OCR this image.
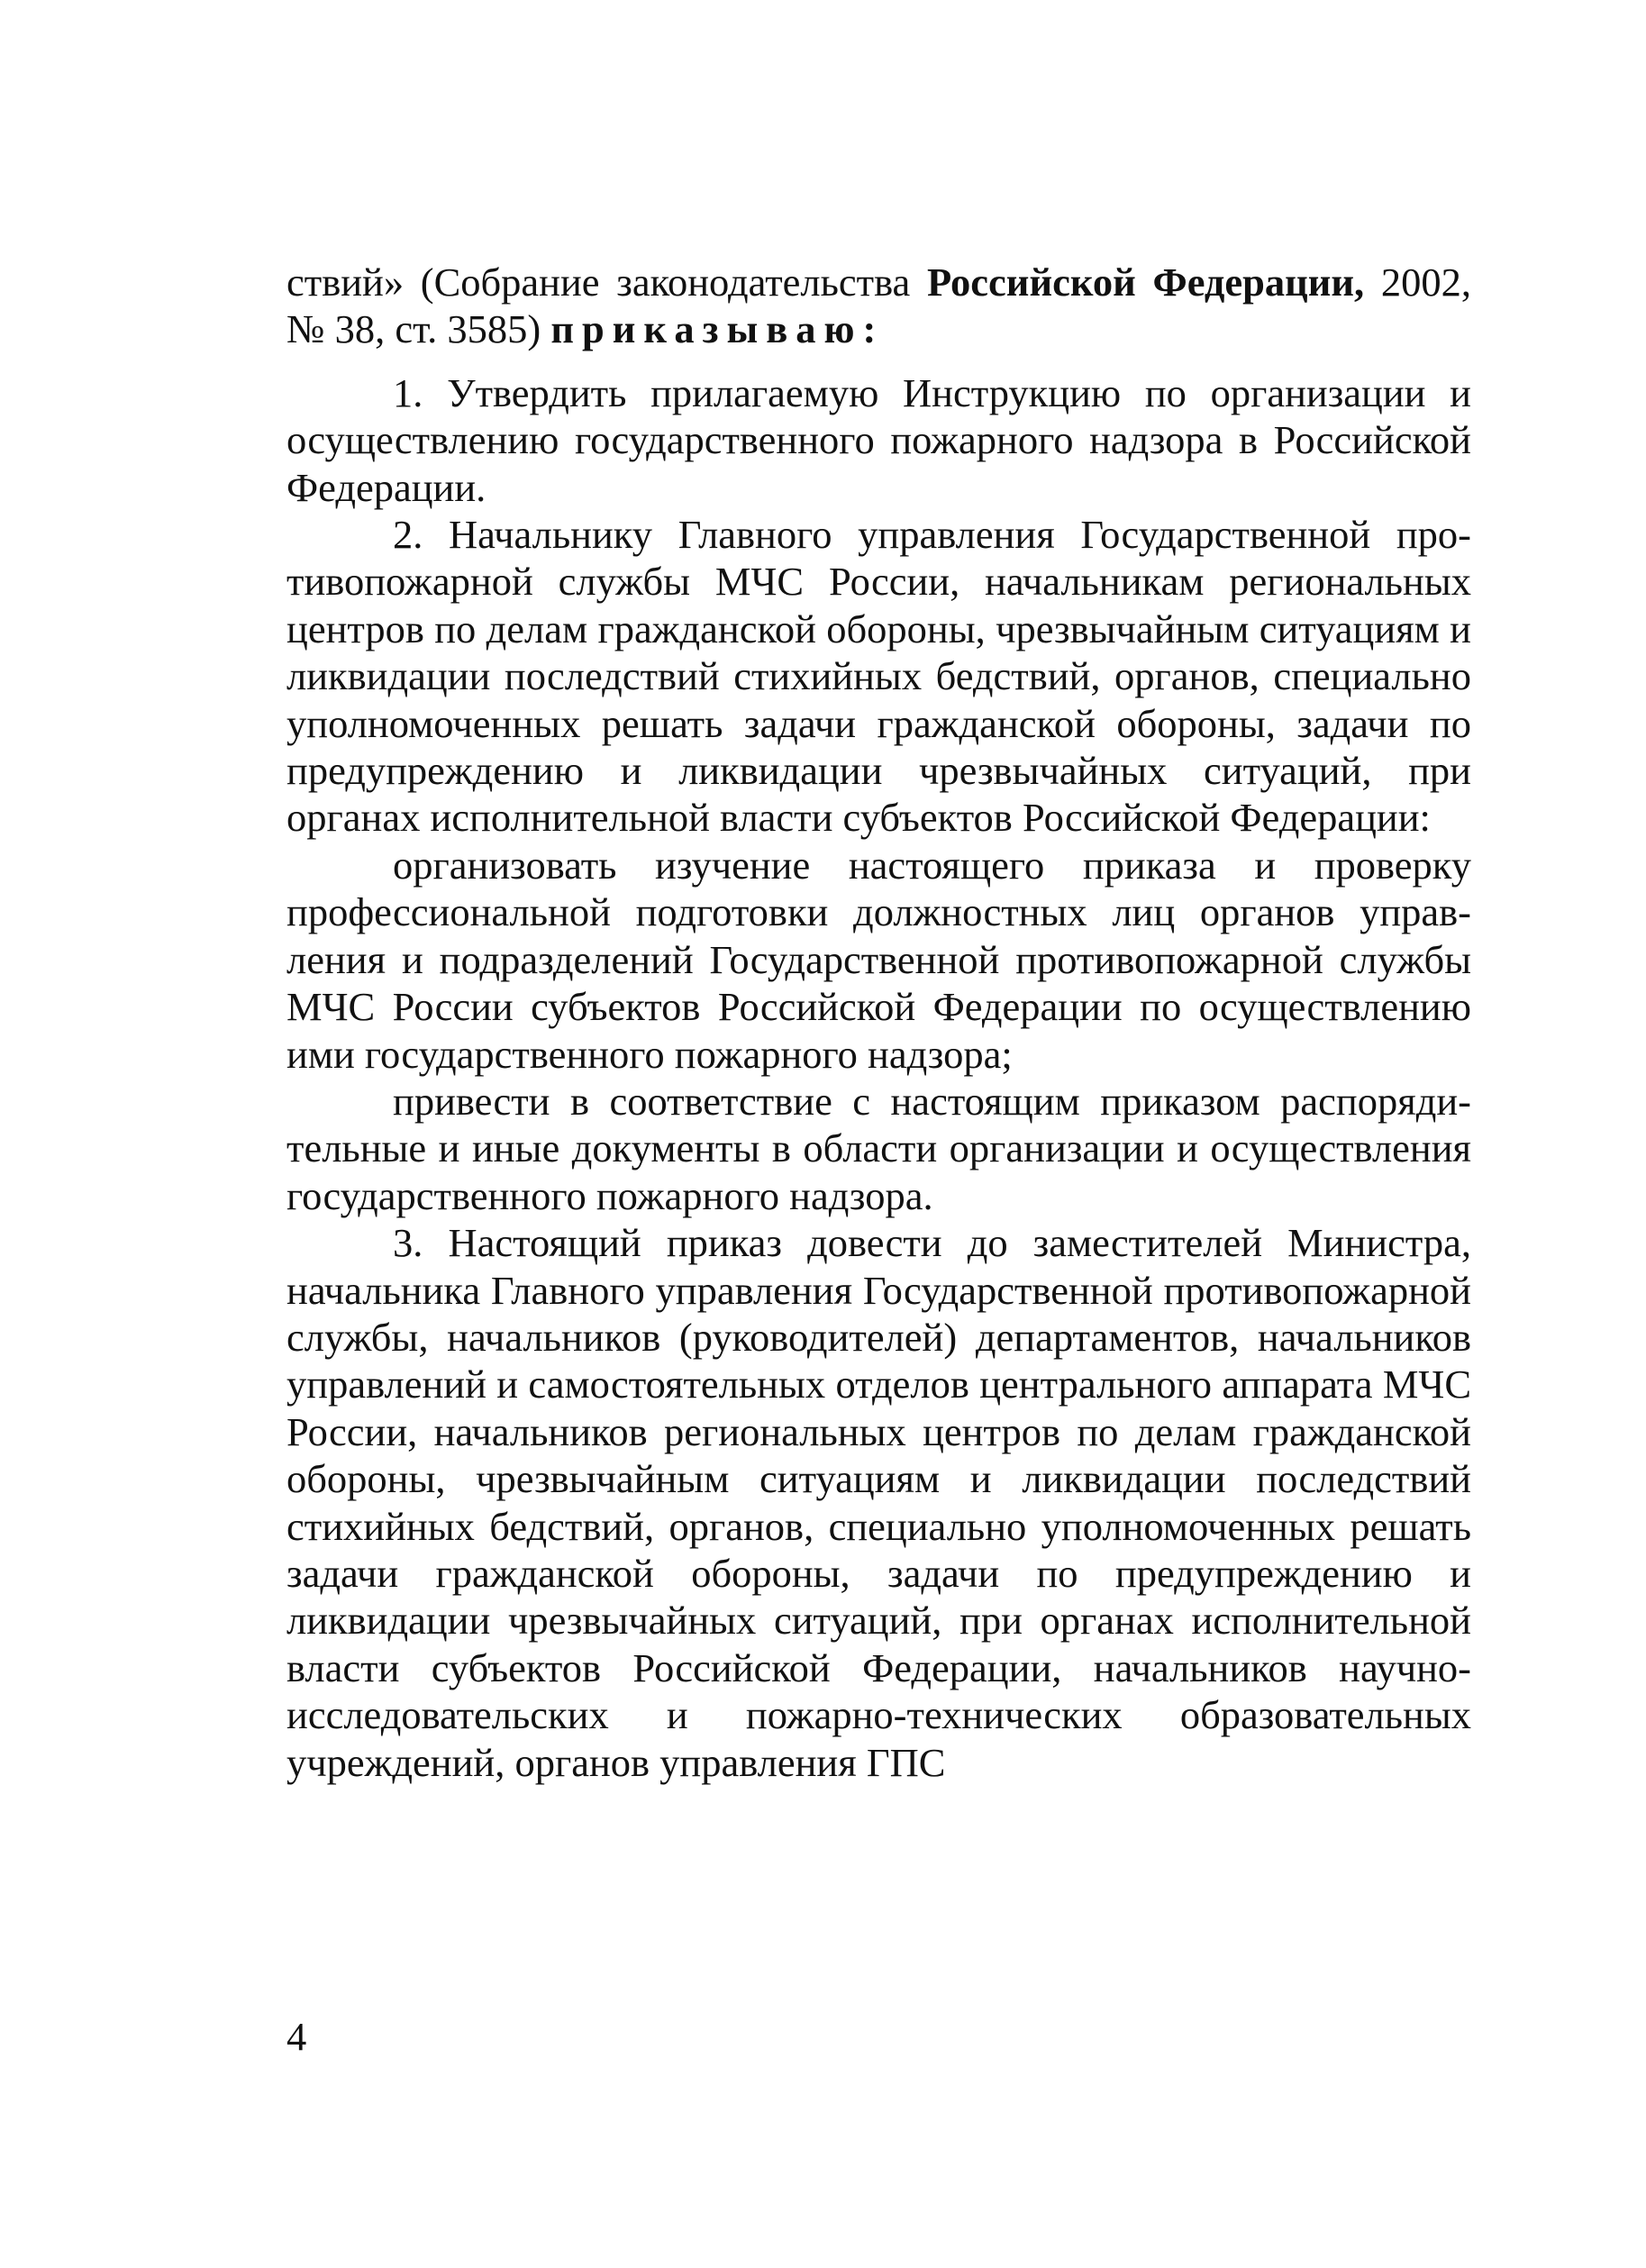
ствий» (Собрание законодательства Российской Федерации, 2002, № 38, ст. 3585) приказываю:

1. Утвердить прилагаемую Инструкцию по организации и осуществлению государственного пожарного надзора в Российской Федерации.

2. Начальнику Главного управления Государственной противопожарной службы МЧС России, начальникам региональных центров по делам гражданской обороны, чрезвычайным ситуациям и ликвидации последствий стихийных бедствий, органов, специально уполномоченных решать задачи гражданской обороны, задачи по предупреждению и ликвидации чрезвычайных ситуаций, при органах исполнительной власти субъектов Российской Федерации:

организовать изучение настоящего приказа и проверку профессиональной подготовки должностных лиц органов управления и подразделений Государственной противопожарной службы МЧС России субъектов Российской Федерации по осуществлению ими государственного пожарного надзора;

привести в соответствие с настоящим приказом распорядительные и иные документы в области организации и осуществления государственного пожарного надзора.

3. Настоящий приказ довести до заместителей Министра, начальника Главного управления Государственной противопожарной службы, начальников (руководителей) департаментов, начальников управлений и самостоятельных отделов центрального аппарата МЧС России, начальников региональных центров по делам гражданской обороны, чрезвычайным ситуациям и ликвидации последствий стихийных бедствий, органов, специально уполномоченных решать задачи гражданской обороны, задачи по предупреждению и ликвидации чрезвычайных ситуаций, при органах исполнительной власти субъектов Российской Федерации, начальников научно-исследовательских и пожарно-технических образовательных учреждений, органов управления ГПС

4
